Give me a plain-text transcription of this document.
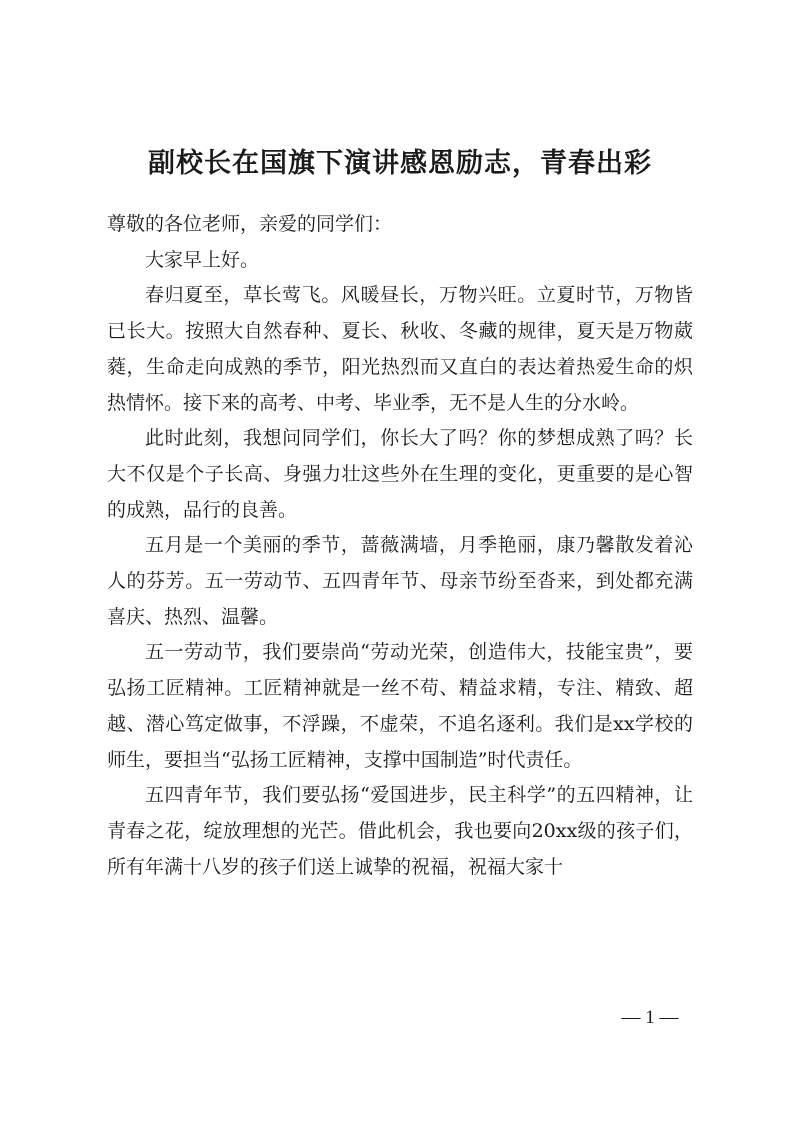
副校长在国旗下演讲感恩励志，青春出彩

尊敬的各位老师，亲爱的同学们：

大家早上好。

春归夏至，草长莺飞。风暖昼长，万物兴旺。立夏时节，万物皆已长大。按照大自然春种、夏长、秋收、冬藏的规律，夏天是万物葳蕤，生命走向成熟的季节，阳光热烈而又直白的表达着热爱生命的炽热情怀。接下来的高考、中考、毕业季，无不是人生的分水岭。

此时此刻，我想问同学们，你长大了吗？你的梦想成熟了吗？长大不仅是个子长高、身强力壮这些外在生理的变化，更重要的是心智的成熟，品行的良善。

五月是一个美丽的季节，蔷薇满墙，月季艳丽，康乃馨散发着沁人的芬芳。五一劳动节、五四青年节、母亲节纷至沓来，到处都充满喜庆、热烈、温馨。

五一劳动节，我们要崇尚“劳动光荣，创造伟大，技能宝贵”，要弘扬工匠精神。工匠精神就是一丝不苟、精益求精，专注、精致、超越、潜心笃定做事，不浮躁，不虚荣，不追名逐利。我们是xx学校的师生，要担当“弘扬工匠精神，支撑中国制造”时代责任。

五四青年节，我们要弘扬“爱国进步，民主科学”的五四精神，让青春之花，绽放理想的光芒。借此机会，我也要向20xx级的孩子们，所有年满十八岁的孩子们送上诚挚的祝福，祝福大家十

— 1 —
